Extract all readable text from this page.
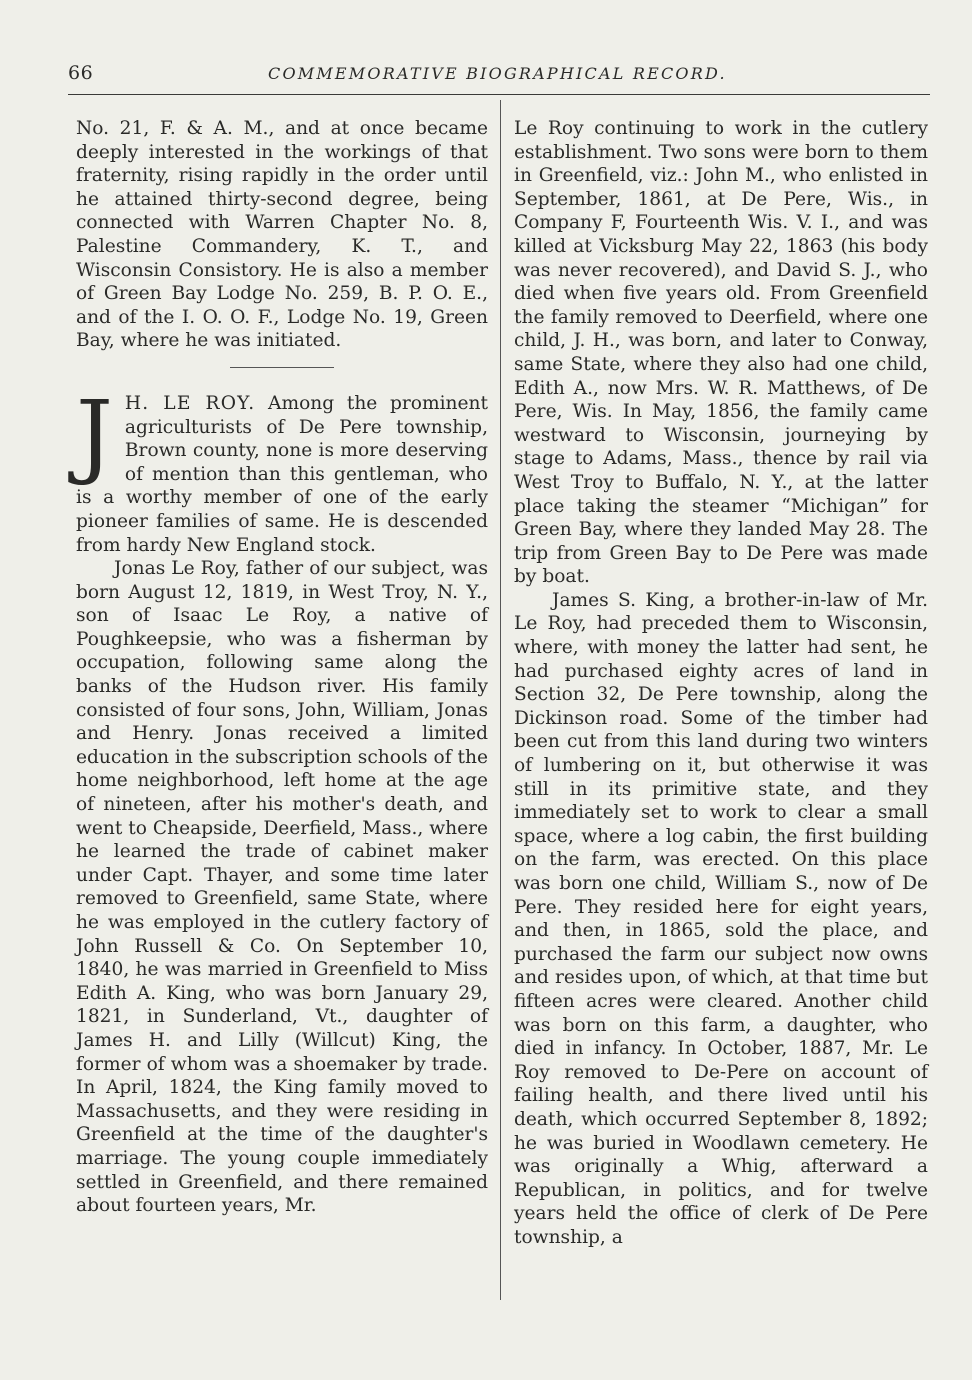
66	COMMEMORATIVE BIOGRAPHICAL RECORD.

No. 21, F. & A. M., and at once became deeply interested in the workings of that fraternity, rising rapidly in the order until he attained thirty-second degree, being connected with Warren Chapter No. 8, Palestine Commandery, K. T., and Wisconsin Consistory. He is also a member of Green Bay Lodge No. 259, B. P. O. E., and of the I. O. O. F., Lodge No. 19, Green Bay, where he was initiated.

J H. LE ROY. Among the prominent agriculturists of De Pere township, Brown county, none is more deserving of mention than this gentleman, who is a worthy member of one of the early pioneer families of same. He is descended from hardy New England stock.

Jonas Le Roy, father of our subject, was born August 12, 1819, in West Troy, N. Y., son of Isaac Le Roy, a native of Poughkeepsie, who was a fisherman by occupation, following same along the banks of the Hudson river. His family consisted of four sons, John, William, Jonas and Henry. Jonas received a limited education in the subscription schools of the home neighborhood, left home at the age of nineteen, after his mother's death, and went to Cheapside, Deerfield, Mass., where he learned the trade of cabinet maker under Capt. Thayer, and some time later removed to Greenfield, same State, where he was employed in the cutlery factory of John Russell & Co. On September 10, 1840, he was married in Greenfield to Miss Edith A. King, who was born January 29, 1821, in Sunderland, Vt., daughter of James H. and Lilly (Willcut) King, the former of whom was a shoemaker by trade. In April, 1824, the King family moved to Massachusetts, and they were residing in Greenfield at the time of the daughter's marriage. The young couple immediately settled in Greenfield, and there remained about fourteen years, Mr.

Le Roy continuing to work in the cutlery establishment. Two sons were born to them in Greenfield, viz.: John M., who enlisted in September, 1861, at De Pere, Wis., in Company F, Fourteenth Wis. V. I., and was killed at Vicksburg May 22, 1863 (his body was never recovered), and David S. J., who died when five years old. From Greenfield the family removed to Deerfield, where one child, J. H., was born, and later to Conway, same State, where they also had one child, Edith A., now Mrs. W. R. Matthews, of De Pere, Wis. In May, 1856, the family came westward to Wisconsin, journeying by stage to Adams, Mass., thence by rail via West Troy to Buffalo, N. Y., at the latter place taking the steamer “Michigan” for Green Bay, where they landed May 28. The trip from Green Bay to De Pere was made by boat.

James S. King, a brother-in-law of Mr. Le Roy, had preceded them to Wisconsin, where, with money the latter had sent, he had purchased eighty acres of land in Section 32, De Pere township, along the Dickinson road. Some of the timber had been cut from this land during two winters of lumbering on it, but otherwise it was still in its primitive state, and they immediately set to work to clear a small space, where a log cabin, the first building on the farm, was erected. On this place was born one child, William S., now of De Pere. They resided here for eight years, and then, in 1865, sold the place, and purchased the farm our subject now owns and resides upon, of which, at that time but fifteen acres were cleared. Another child was born on this farm, a daughter, who died in infancy. In October, 1887, Mr. Le Roy removed to De-Pere on account of failing health, and there lived until his death, which occurred September 8, 1892; he was buried in Woodlawn cemetery. He was originally a Whig, afterward a Republican, in politics, and for twelve years held the office of clerk of De Pere township, a
